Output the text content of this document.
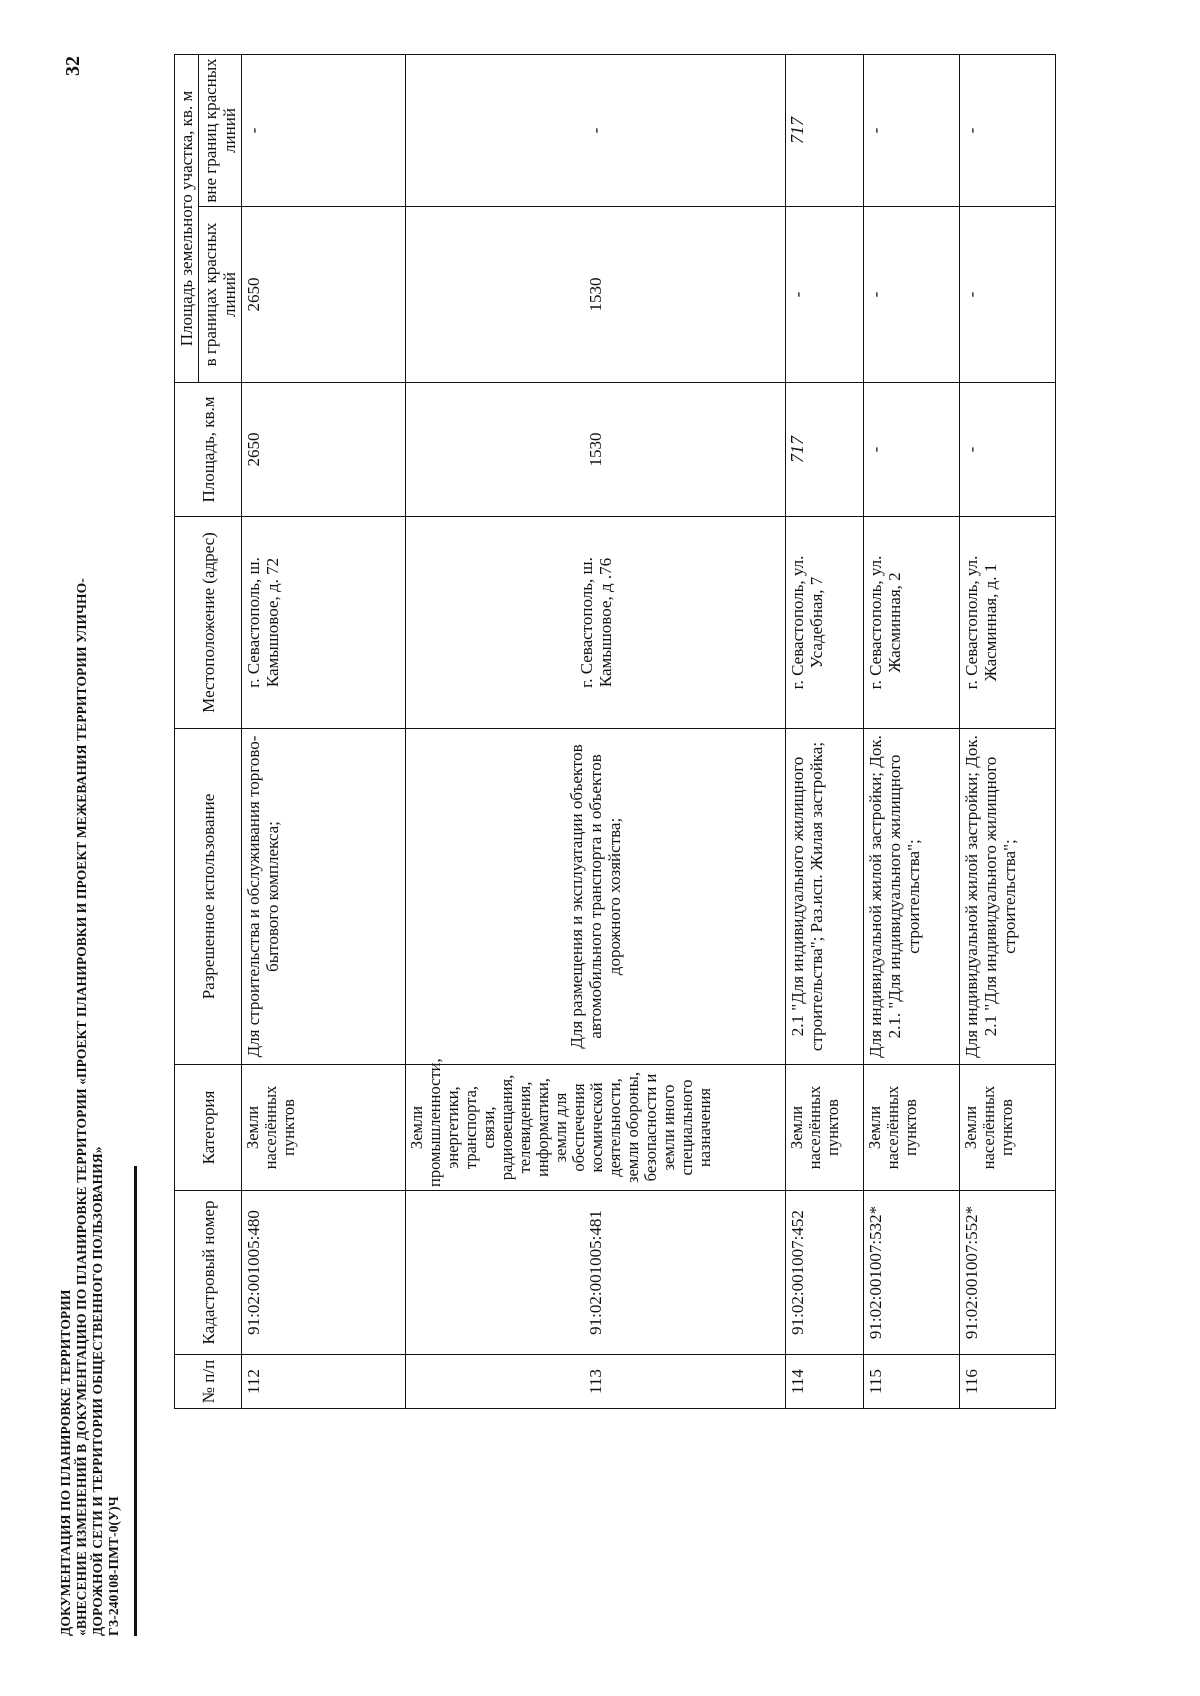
ДОКУМЕНТАЦИЯ ПО ПЛАНИРОВКЕ ТЕРРИТОРИИ «ВНЕСЕНИЕ ИЗМЕНЕНИЙ В ДОКУМЕНТАЦИЮ ПО ПЛАНИРОВКЕ ТЕРРИТОРИИ «ПРОЕКТ ПЛАНИРОВКИ И ПРОЕКТ МЕЖЕВАНИЯ ТЕРРИТОРИИ УЛИЧНО- ДОРОЖНОЙ СЕТИ И ТЕРРИТОРИИ ОБЩЕСТВЕННОГО ПОЛЬЗОВАНИЯ» ГЗ-240108-ПМТ-0(У)Ч
32
№ п/п	Кадастровый номер	Категория	Разрешенное использование	Местоположение (адрес)	Площадь, кв.м	Площадь земельного участка, кв. м	
						в границах красных линий	вне границ красных линий
112	91:02:001005:480	Земли населённых пунктов	Для строительства и обслуживания торгово-бытового комплекса;	г. Севастополь, ш. Камышовое, д. 72	2650	2650	-
113	91:02:001005:481	Земли промышленности, энергетики, транспорта, связи, радиовещания, телевидения, информатики, земли для обеспечения космической деятельности, земли обороны, безопасности и земли иного специального назначения	Для размещения и эксплуатации объектов автомобильного транспорта и объектов дорожного хозяйства;	г. Севастополь, ш. Камышовое, д .76	1530	1530	-
114	91:02:001007:452	Земли населённых пунктов	2.1 "Для индивидуального жилищного строительства"; Раз.исп. Жилая застройка;	г. Севастополь, ул. Усадебная, 7	717	-	717
115	91:02:001007:532*	Земли населённых пунктов	Для индивидуальной жилой застройки; Док. 2.1. "Для индивидуального жилищного строительства";	г. Севастополь, ул. Жасминная, 2	-	-	-
116	91:02:001007:552*	Земли населённых пунктов	Для индивидуальной жилой застройки; Док. 2.1 "Для индивидуального жилищного строительства";	г. Севастополь, ул. Жасминная, д. 1	-	-	-
